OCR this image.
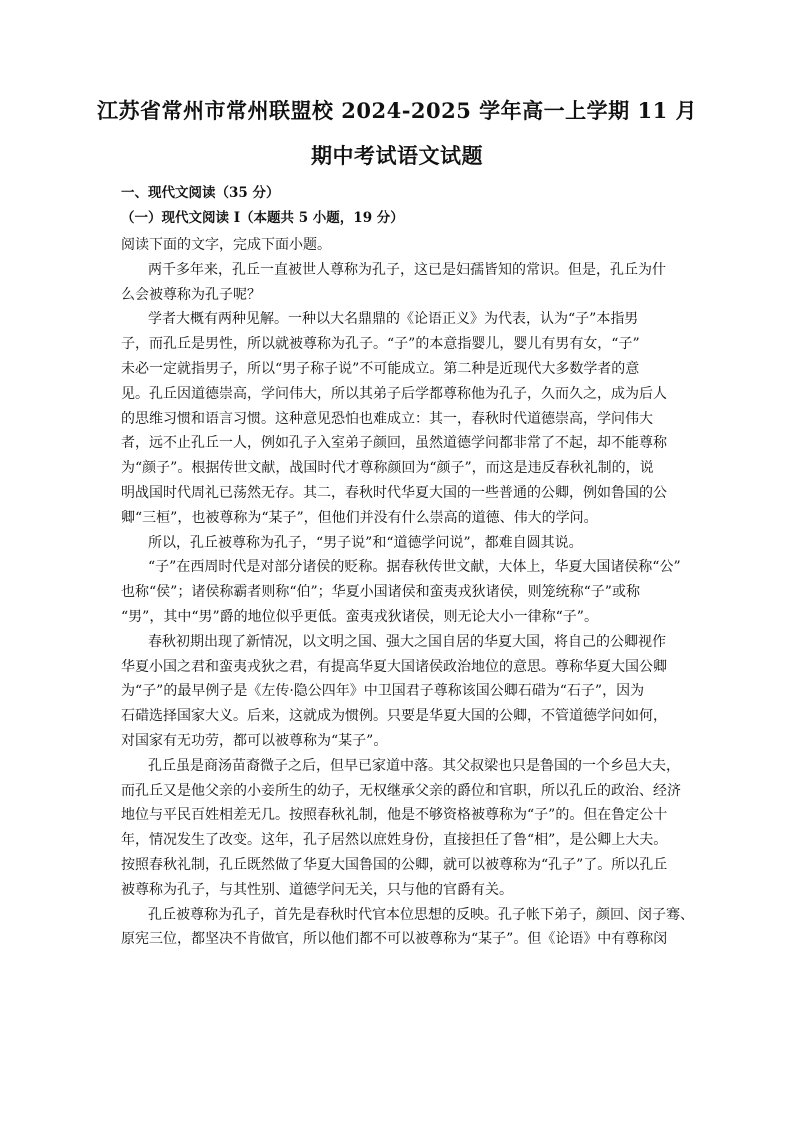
江苏省常州市常州联盟校 2024-2025 学年高一上学期 11 月
期中考试语文试题
一、现代文阅读（35 分）
（一）现代文阅读 I（本题共 5 小题，19 分）
阅读下面的文字，完成下面小题。
两千多年来，孔丘一直被世人尊称为孔子，这已是妇孺皆知的常识。但是，孔丘为什
么会被尊称为孔子呢？
学者大概有两种见解。一种以大名鼎鼎的《论语正义》为代表，认为“子”本指男
子，而孔丘是男性，所以就被尊称为孔子。“子”的本意指婴儿，婴儿有男有女，“子”
未必一定就指男子，所以“男子称子说”不可能成立。第二种是近现代大多数学者的意
见。孔丘因道德崇高，学问伟大，所以其弟子后学都尊称他为孔子，久而久之，成为后人
的思维习惯和语言习惯。这种意见恐怕也难成立：其一，春秋时代道德崇高，学问伟大
者，远不止孔丘一人，例如孔子入室弟子颜回，虽然道德学问都非常了不起，却不能尊称
为“颜子”。根据传世文献，战国时代才尊称颜回为“颜子”，而这是违反春秋礼制的，说
明战国时代周礼已荡然无存。其二，春秋时代华夏大国的一些普通的公卿，例如鲁国的公
卿“三桓”，也被尊称为“某子”，但他们并没有什么崇高的道德、伟大的学问。
所以，孔丘被尊称为孔子，“男子说”和“道德学问说”，都难自圆其说。
“子”在西周时代是对部分诸侯的贬称。据春秋传世文献，大体上，华夏大国诸侯称“公”
也称“侯”；诸侯称霸者则称“伯”；华夏小国诸侯和蛮夷戎狄诸侯，则笼统称“子”或称
“男”，其中“男”爵的地位似乎更低。蛮夷戎狄诸侯，则无论大小一律称“子”。
春秋初期出现了新情况，以文明之国、强大之国自居的华夏大国，将自己的公卿视作
华夏小国之君和蛮夷戎狄之君，有提高华夏大国诸侯政治地位的意思。尊称华夏大国公卿
为“子”的最早例子是《左传·隐公四年》中卫国君子尊称该国公卿石碏为“石子”，因为
石碏选择国家大义。后来，这就成为惯例。只要是华夏大国的公卿，不管道德学问如何，
对国家有无功劳，都可以被尊称为“某子”。
孔丘虽是商汤苗裔微子之后，但早已家道中落。其父叔梁也只是鲁国的一个乡邑大夫，
而孔丘又是他父亲的小妾所生的幼子，无权继承父亲的爵位和官职，所以孔丘的政治、经济
地位与平民百姓相差无几。按照春秋礼制，他是不够资格被尊称为“子”的。但在鲁定公十
年，情况发生了改变。这年，孔子居然以庶姓身份，直接担任了鲁“相”，是公卿上大夫。
按照春秋礼制，孔丘既然做了华夏大国鲁国的公卿，就可以被尊称为“孔子”了。所以孔丘
被尊称为孔子，与其性别、道德学问无关，只与他的官爵有关。
孔丘被尊称为孔子，首先是春秋时代官本位思想的反映。孔子帐下弟子，颜回、闵子骞、
原宪三位，都坚决不肯做官，所以他们都不可以被尊称为“某子”。但《论语》中有尊称闵
